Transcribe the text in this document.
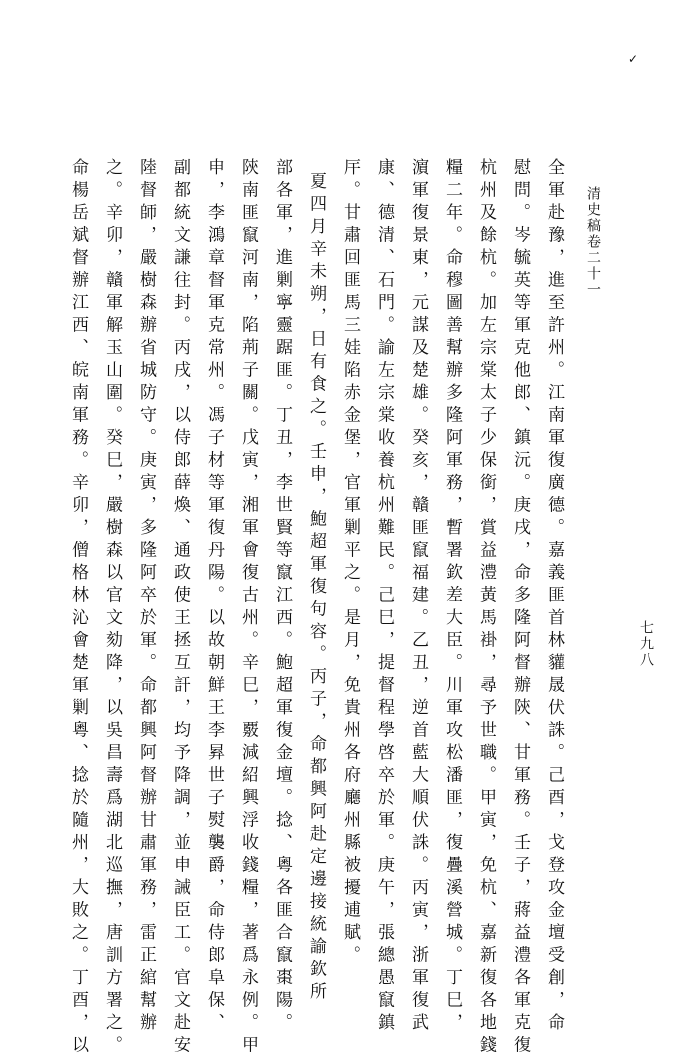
✓
清史稿卷二十一
七九八
全軍赴豫，進至許州。江南軍復廣德。嘉義匪首林貛晟伏誅。己酉，戈登攻金壇受創，命
慰問。岑毓英等軍克他郎、鎮沅。庚戌，命多隆阿督辦陝、甘軍務。壬子，蔣益澧各軍克復
杭州及餘杭。加左宗棠太子少保銜，賞益澧黃馬褂，尋予世職。甲寅，免杭、嘉新復各地錢
糧二年。命穆圖善幫辦多隆阿軍務，暫署欽差大臣。川軍攻松潘匪，復疊溪營城。丁巳，
濵軍復景東，元謀及楚雄。癸亥，贛匪竄福建。乙丑，逆首藍大順伏誅。丙寅，浙軍復武
康、德清、石門。諭左宗棠收養杭州難民。己巳，提督程學啓卒於軍。庚午，張總愚竄鎮
厈。甘肅回匪馬三娃陷赤金堡，官軍剿平之。是月，免貴州各府廳州縣被擾逋賦。
夏四月辛未朔，日有食之。壬申，鮑超軍復句容。丙子，命都興阿赴定邊接統諭欽所
部各軍，進剿寧靈踞匪。丁丑，李世賢等竄江西。鮑超軍復金壇。捻、粵各匪合竄棗陽。
陝南匪竄河南，陷荊子關。戊寅，湘軍會復古州。辛巳，覈減紹興浮收錢糧，著爲永例。甲
申，李鴻章督軍克常州。馮子材等軍復丹陽。以故朝鮮王李昪世子熨襲爵，命侍郎阜保、
副都統文謙往封。丙戌，以侍郎薛煥、通政使王拯互訐，均予降調，並申誡臣工。官文赴安
陸督師，嚴樹森辦省城防守。庚寅，多隆阿卒於軍。命都興阿督辦甘肅軍務，雷正綰幫辦
之。辛卯，贛軍解玉山圍。癸巳，嚴樹森以官文劾降，以吳昌壽爲湖北巡撫，唐訓方署之。
命楊岳斌督辦江西、皖南軍務。辛卯，僧格林沁會楚軍剿粵、捻於隨州，大敗之。丁酉，以
